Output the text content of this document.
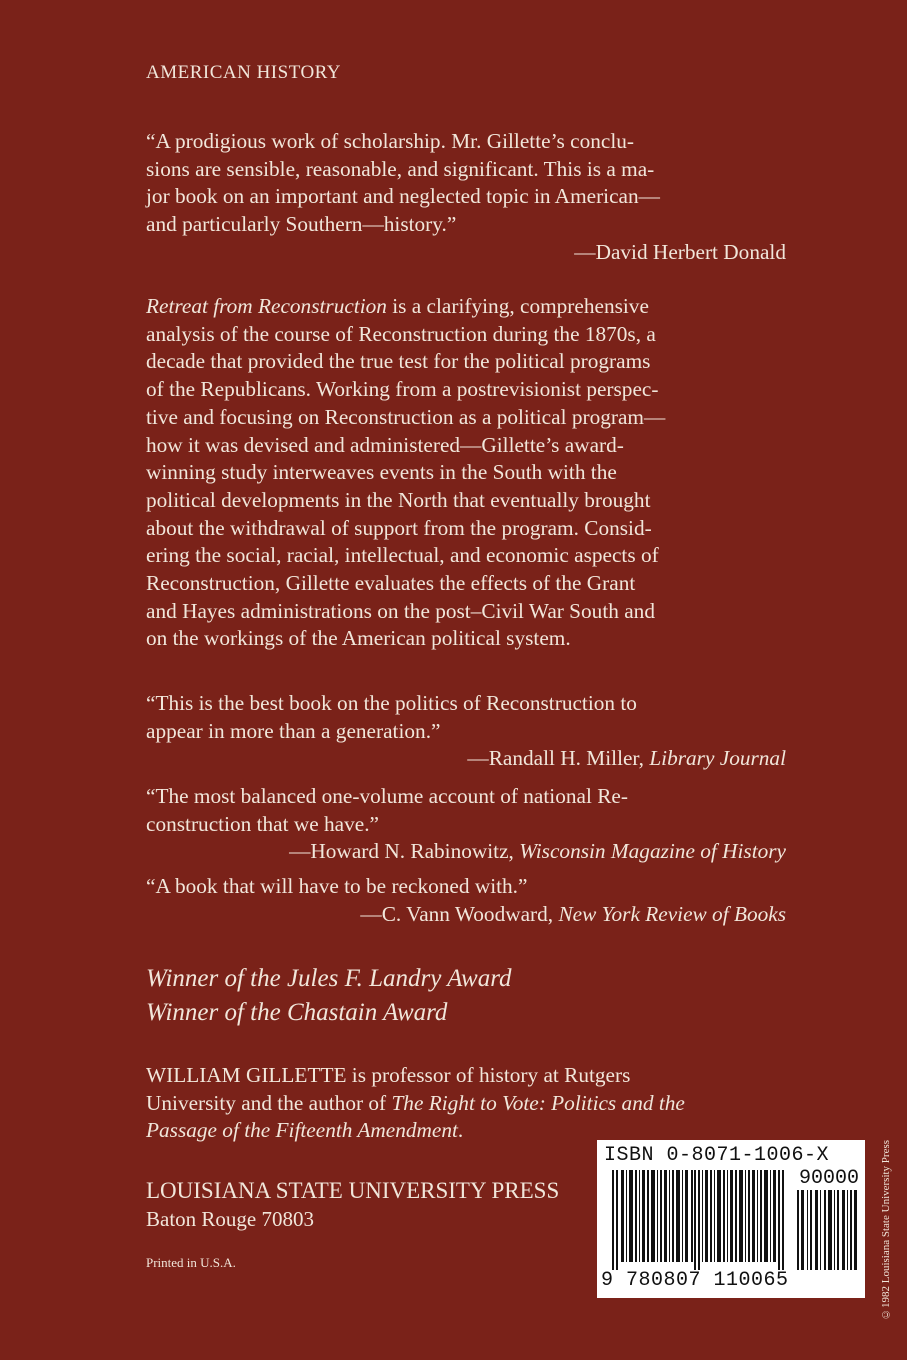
AMERICAN HISTORY
“A prodigious work of scholarship. Mr. Gillette’s conclu-
sions are sensible, reasonable, and significant. This is a ma-
jor book on an important and neglected topic in American—
and particularly Southern—history.”
—David Herbert Donald
Retreat from Reconstruction is a clarifying, comprehensive
analysis of the course of Reconstruction during the 1870s, a
decade that provided the true test for the political programs
of the Republicans. Working from a postrevisionist perspec-
tive and focusing on Reconstruction as a political program—
how it was devised and administered—Gillette’s award-
winning study interweaves events in the South with the
political developments in the North that eventually brought
about the withdrawal of support from the program. Consid-
ering the social, racial, intellectual, and economic aspects of
Reconstruction, Gillette evaluates the effects of the Grant
and Hayes administrations on the post–Civil War South and
on the workings of the American political system.
“This is the best book on the politics of Reconstruction to
appear in more than a generation.”
—Randall H. Miller, Library Journal
“The most balanced one-volume account of national Re-
construction that we have.”
—Howard N. Rabinowitz, Wisconsin Magazine of History
“A book that will have to be reckoned with.”
—C. Vann Woodward, New York Review of Books
Winner of the Jules F. Landry Award
Winner of the Chastain Award
WILLIAM GILLETTE is professor of history at Rutgers
University and the author of The Right to Vote: Politics and the
Passage of the Fifteenth Amendment.
LOUISIANA STATE UNIVERSITY PRESS
Baton Rouge 70803
Printed in U.S.A.	©1982 Louisiana State University Press
ISBN 0-8071-1006-X
90000
9 780807 110065
